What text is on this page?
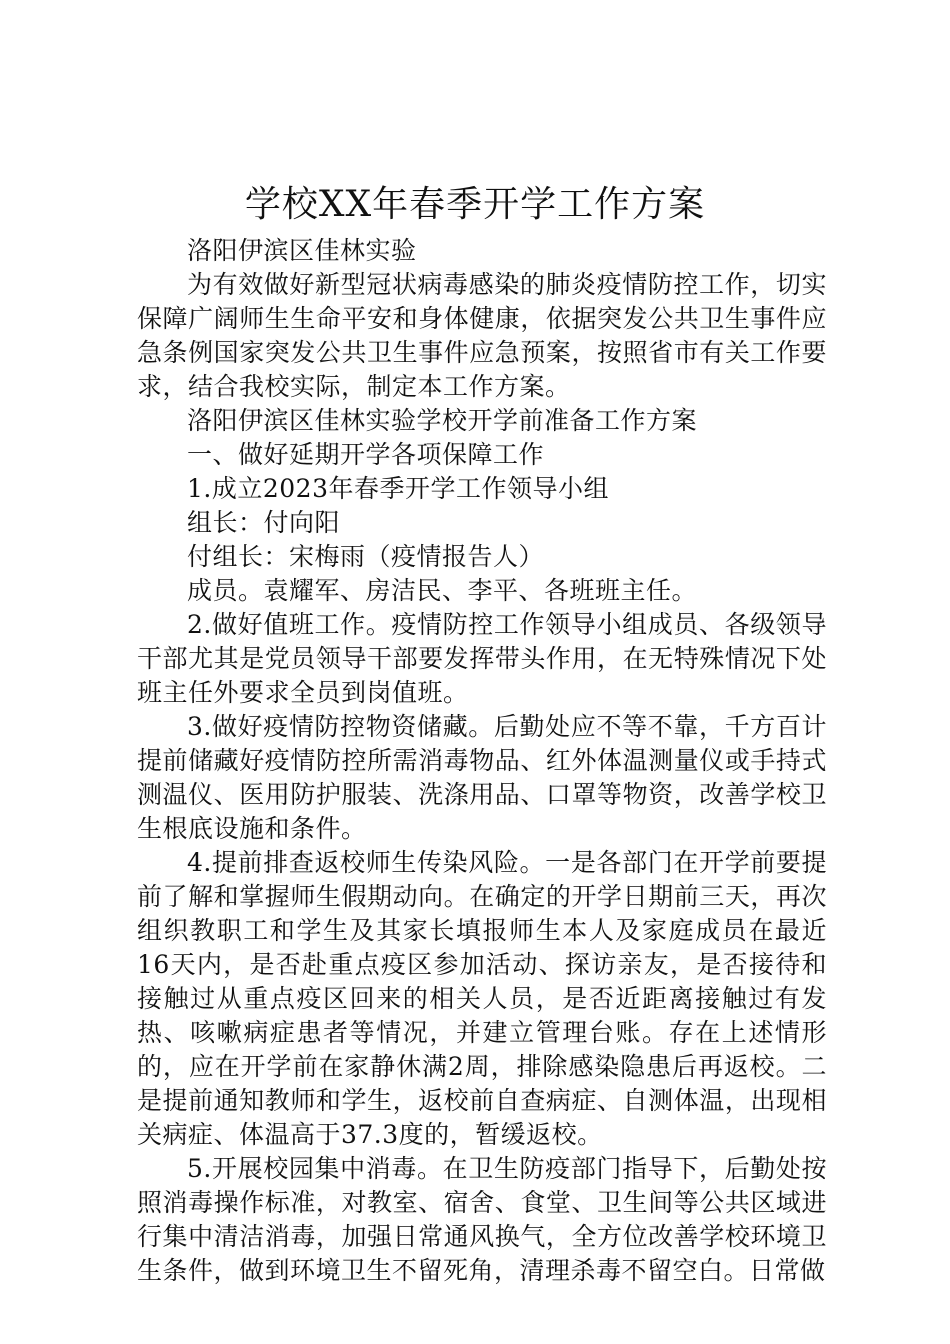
学校XX年春季开学工作方案

洛阳伊滨区佳林实验

为有效做好新型冠状病毒感染的肺炎疫情防控工作，切实保障广阔师生生命平安和身体健康，依据突发公共卫生事件应急条例国家突发公共卫生事件应急预案，按照省市有关工作要求，结合我校实际，制定本工作方案。

洛阳伊滨区佳林实验学校开学前准备工作方案

一、做好延期开学各项保障工作

1.成立2023年春季开学工作领导小组

组长：付向阳

付组长：宋梅雨（疫情报告人）

成员。袁耀军、房洁民、李平、各班班主任。

2.做好值班工作。疫情防控工作领导小组成员、各级领导干部尤其是党员领导干部要发挥带头作用，在无特殊情况下处班主任外要求全员到岗值班。

3.做好疫情防控物资储藏。后勤处应不等不靠，千方百计提前储藏好疫情防控所需消毒物品、红外体温测量仪或手持式测温仪、医用防护服装、洗涤用品、口罩等物资，改善学校卫生根底设施和条件。

4.提前排查返校师生传染风险。一是各部门在开学前要提前了解和掌握师生假期动向。在确定的开学日期前三天，再次组织教职工和学生及其家长填报师生本人及家庭成员在最近16天内，是否赴重点疫区参加活动、探访亲友，是否接待和接触过从重点疫区回来的相关人员，是否近距离接触过有发热、咳嗽病症患者等情况，并建立管理台账。存在上述情形的，应在开学前在家静休满2周，排除感染隐患后再返校。二是提前通知教师和学生，返校前自查病症、自测体温，出现相关病症、体温高于37.3度的，暂缓返校。

5.开展校园集中消毒。在卫生防疫部门指导下，后勤处按照消毒操作标准，对教室、宿舍、食堂、卫生间等公共区域进行集中清洁消毒，加强日常通风换气，全方位改善学校环境卫生条件，做到环境卫生不留死角，清理杀毒不留空白。日常做
